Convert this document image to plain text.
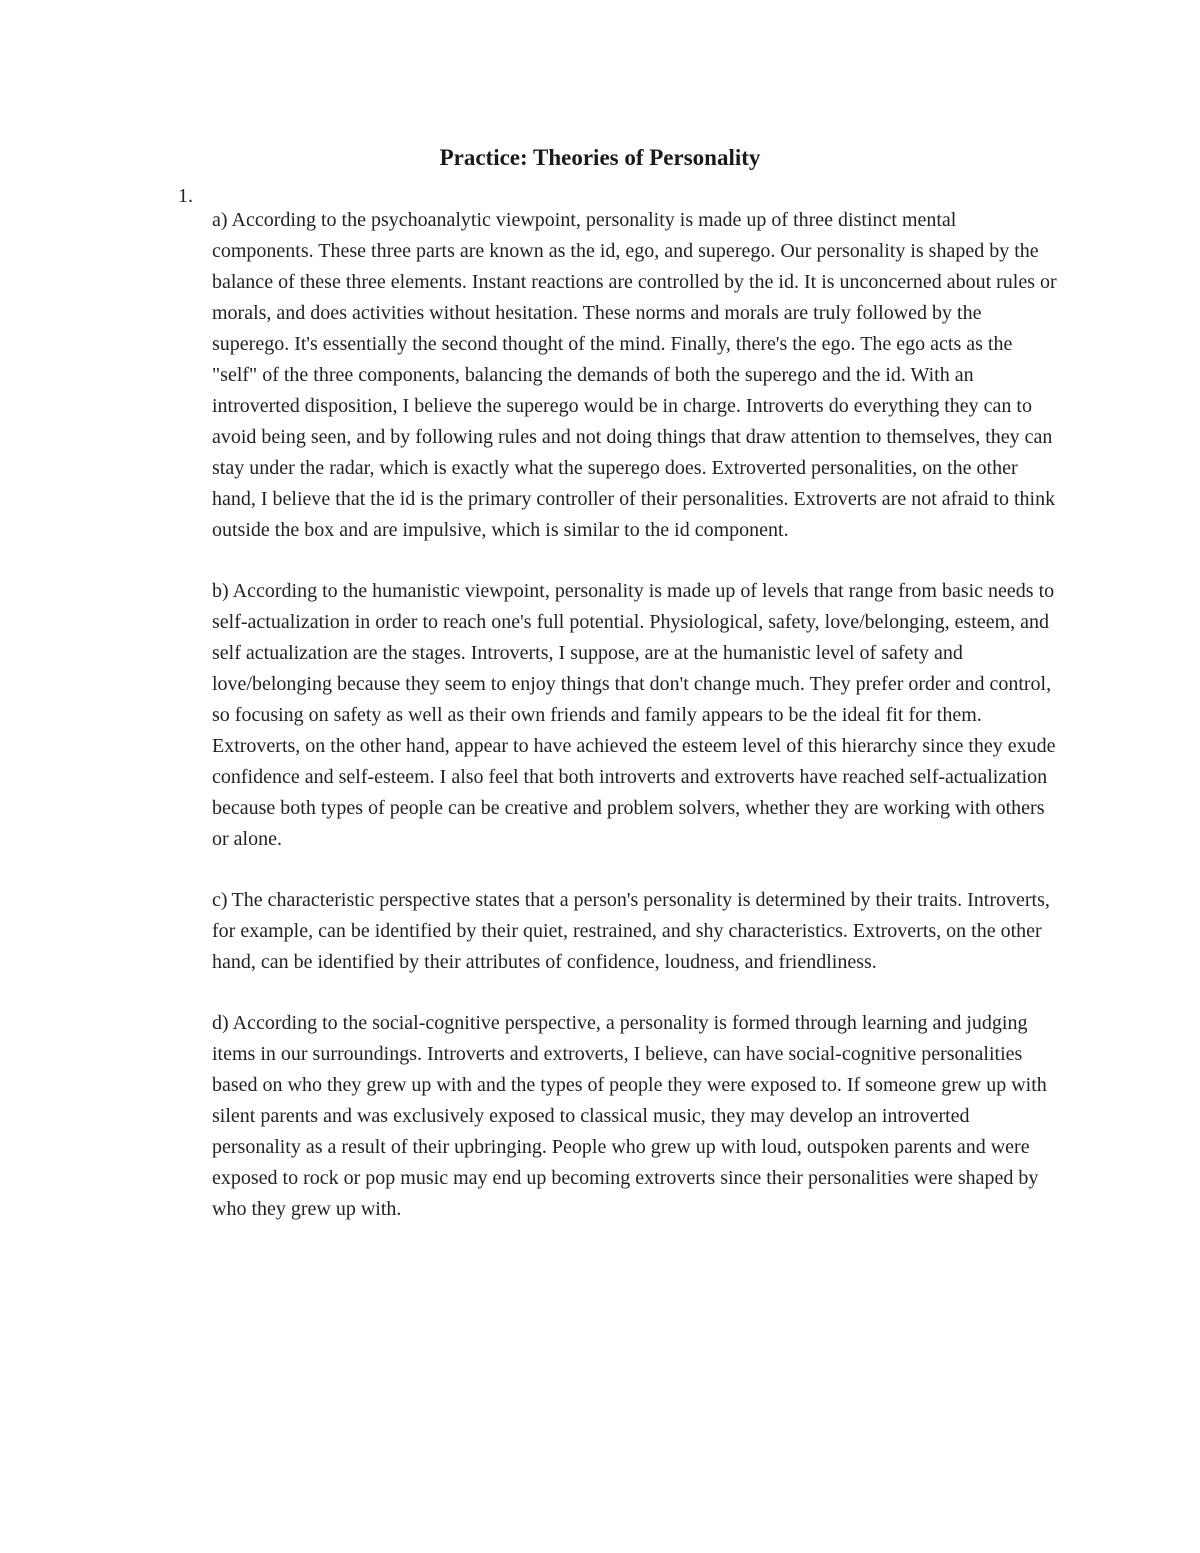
Practice: Theories of Personality
1.

a) According to the psychoanalytic viewpoint, personality is made up of three distinct mental components. These three parts are known as the id, ego, and superego. Our personality is shaped by the balance of these three elements. Instant reactions are controlled by the id. It is unconcerned about rules or morals, and does activities without hesitation. These norms and morals are truly followed by the superego. It's essentially the second thought of the mind. Finally, there's the ego. The ego acts as the "self" of the three components, balancing the demands of both the superego and the id. With an introverted disposition, I believe the superego would be in charge. Introverts do everything they can to avoid being seen, and by following rules and not doing things that draw attention to themselves, they can stay under the radar, which is exactly what the superego does. Extroverted personalities, on the other hand, I believe that the id is the primary controller of their personalities. Extroverts are not afraid to think outside the box and are impulsive, which is similar to the id component.

b) According to the humanistic viewpoint, personality is made up of levels that range from basic needs to self-actualization in order to reach one's full potential. Physiological, safety, love/belonging, esteem, and self actualization are the stages. Introverts, I suppose, are at the humanistic level of safety and love/belonging because they seem to enjoy things that don't change much. They prefer order and control, so focusing on safety as well as their own friends and family appears to be the ideal fit for them. Extroverts, on the other hand, appear to have achieved the esteem level of this hierarchy since they exude confidence and self-esteem. I also feel that both introverts and extroverts have reached self-actualization because both types of people can be creative and problem solvers, whether they are working with others or alone.

c) The characteristic perspective states that a person's personality is determined by their traits. Introverts, for example, can be identified by their quiet, restrained, and shy characteristics. Extroverts, on the other hand, can be identified by their attributes of confidence, loudness, and friendliness.

d) According to the social-cognitive perspective, a personality is formed through learning and judging items in our surroundings. Introverts and extroverts, I believe, can have social-cognitive personalities based on who they grew up with and the types of people they were exposed to. If someone grew up with silent parents and was exclusively exposed to classical music, they may develop an introverted personality as a result of their upbringing. People who grew up with loud, outspoken parents and were exposed to rock or pop music may end up becoming extroverts since their personalities were shaped by who they grew up with.
